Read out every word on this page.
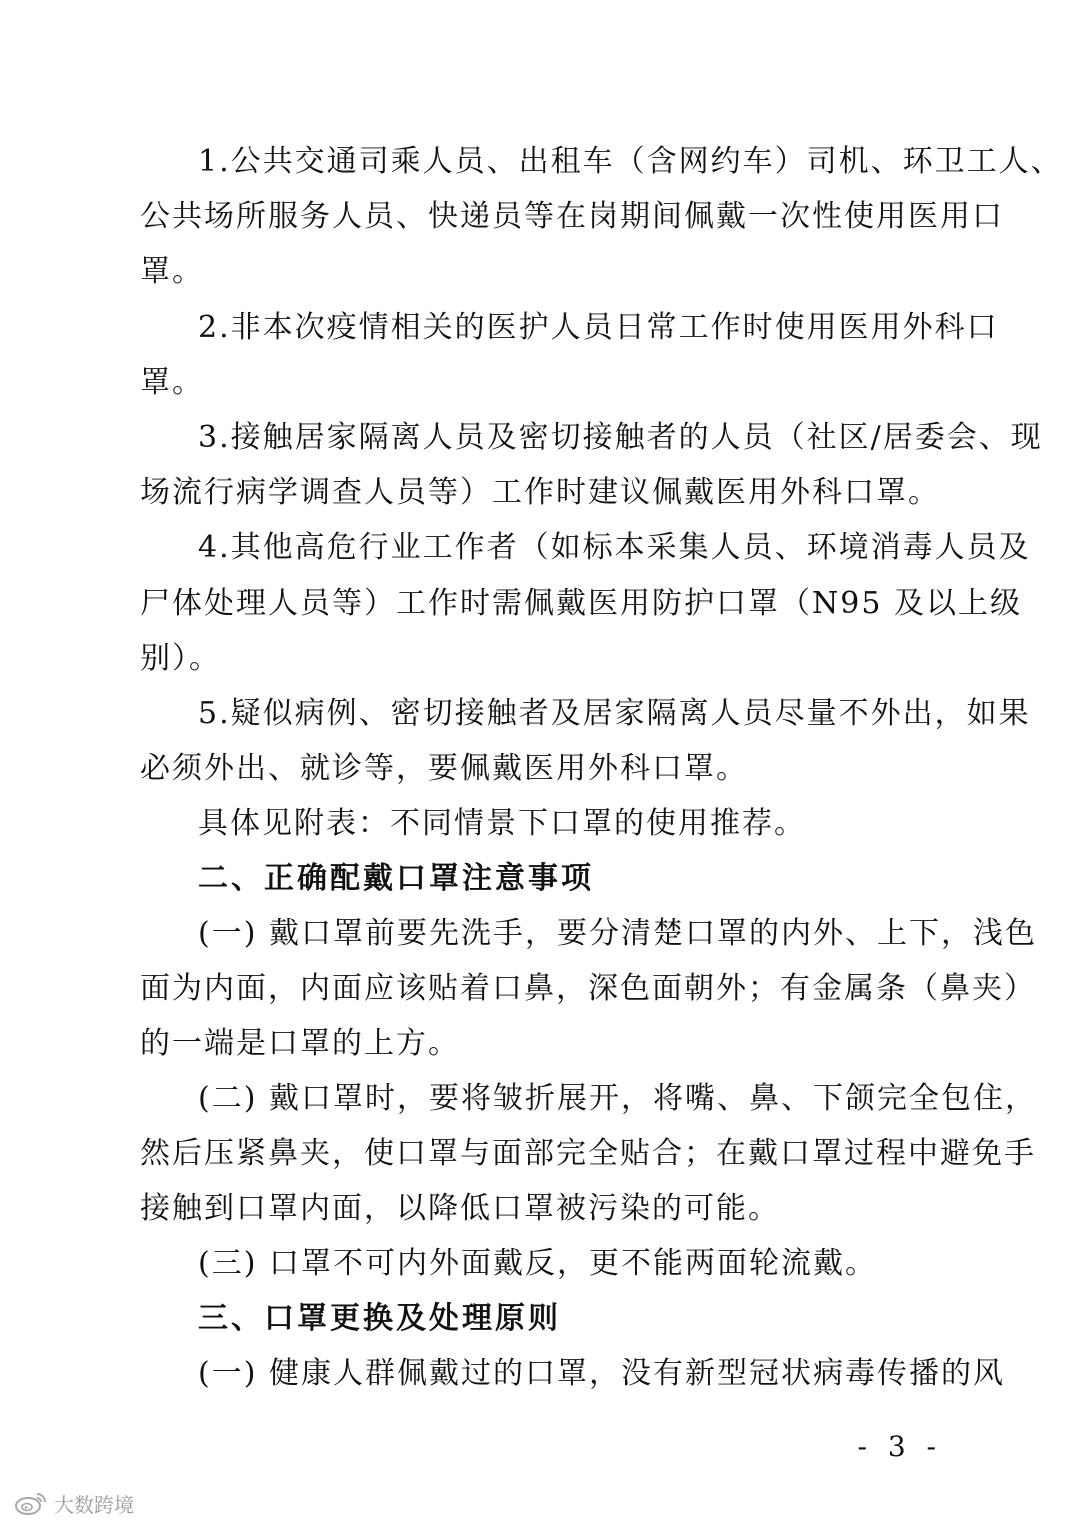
1.公共交通司乘人员、出租车（含网约车）司机、环卫工人、
公共场所服务人员、快递员等在岗期间佩戴一次性使用医用口
罩。
2.非本次疫情相关的医护人员日常工作时使用医用外科口
罩。
3.接触居家隔离人员及密切接触者的人员（社区/居委会、现
场流行病学调查人员等）工作时建议佩戴医用外科口罩。
4.其他高危行业工作者（如标本采集人员、环境消毒人员及
尸体处理人员等）工作时需佩戴医用防护口罩（N95 及以上级
别）。
5.疑似病例、密切接触者及居家隔离人员尽量不外出，如果
必须外出、就诊等，要佩戴医用外科口罩。
具体见附表：不同情景下口罩的使用推荐。
二、正确配戴口罩注意事项
(一) 戴口罩前要先洗手，要分清楚口罩的内外、上下，浅色
面为内面，内面应该贴着口鼻，深色面朝外；有金属条（鼻夹）
的一端是口罩的上方。
(二) 戴口罩时，要将皱折展开，将嘴、鼻、下颌完全包住，
然后压紧鼻夹，使口罩与面部完全贴合；在戴口罩过程中避免手
接触到口罩内面，以降低口罩被污染的可能。
(三) 口罩不可内外面戴反，更不能两面轮流戴。
三、口罩更换及处理原则
(一) 健康人群佩戴过的口罩，没有新型冠状病毒传播的风
- 3 -
大数跨境
